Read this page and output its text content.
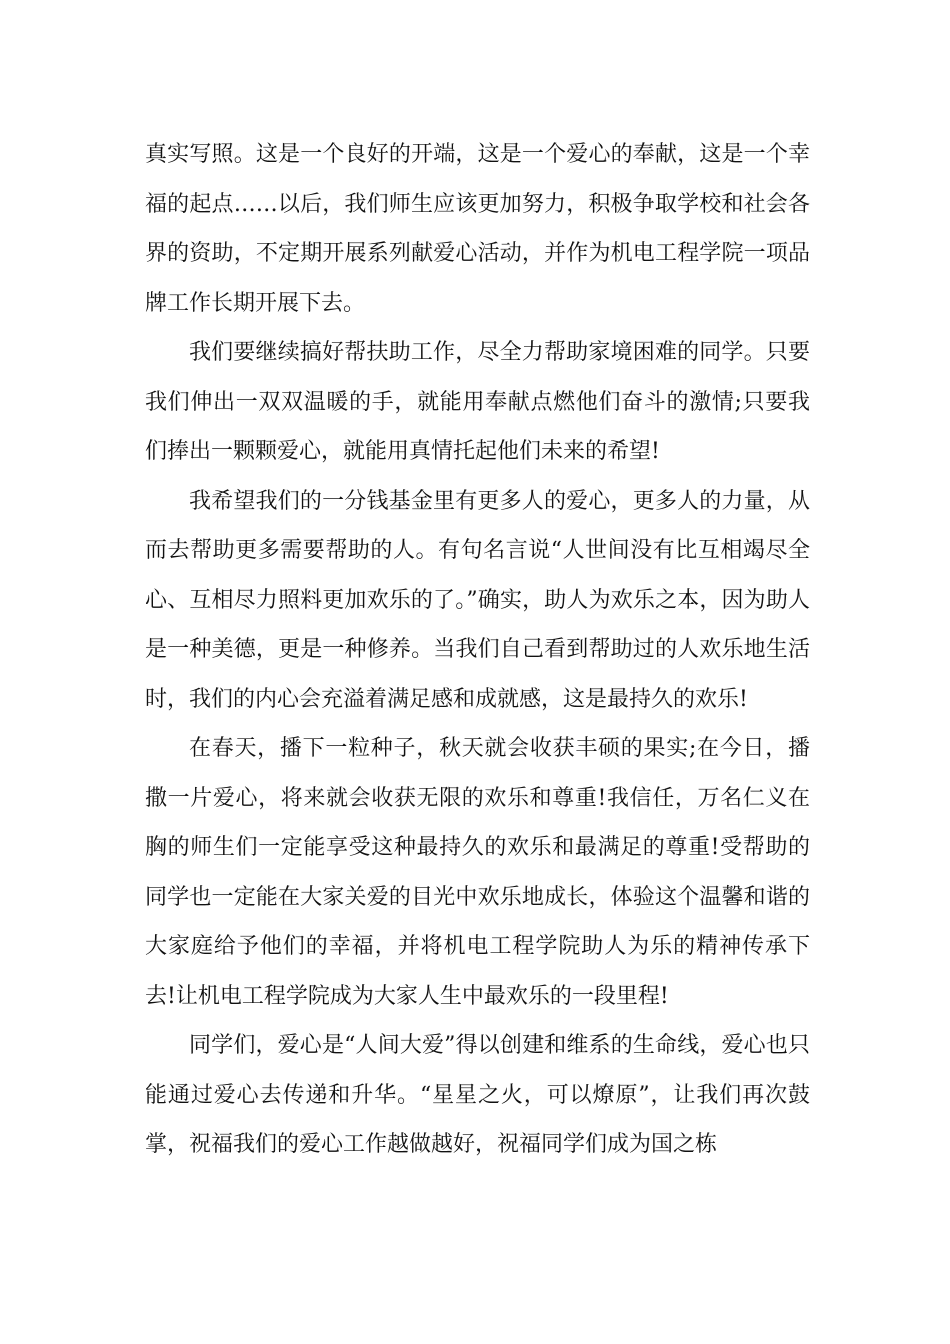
真实写照。这是一个良好的开端，这是一个爱心的奉献，这是一个幸福的起点……以后，我们师生应该更加努力，积极争取学校和社会各界的资助，不定期开展系列献爱心活动，并作为机电工程学院一项品牌工作长期开展下去。

我们要继续搞好帮扶助工作，尽全力帮助家境困难的同学。只要我们伸出一双双温暖的手，就能用奉献点燃他们奋斗的激情;只要我们捧出一颗颗爱心，就能用真情托起他们未来的希望!

我希望我们的一分钱基金里有更多人的爱心，更多人的力量，从而去帮助更多需要帮助的人。有句名言说“人世间没有比互相竭尽全心、互相尽力照料更加欢乐的了。”确实，助人为欢乐之本，因为助人是一种美德，更是一种修养。当我们自己看到帮助过的人欢乐地生活时，我们的内心会充溢着满足感和成就感，这是最持久的欢乐!

在春天，播下一粒种子，秋天就会收获丰硕的果实;在今日，播撒一片爱心，将来就会收获无限的欢乐和尊重!我信任，万名仁义在胸的师生们一定能享受这种最持久的欢乐和最满足的尊重!受帮助的同学也一定能在大家关爱的目光中欢乐地成长，体验这个温馨和谐的大家庭给予他们的幸福，并将机电工程学院助人为乐的精神传承下去!让机电工程学院成为大家人生中最欢乐的一段里程!

同学们，爱心是“人间大爱”得以创建和维系的生命线，爱心也只能通过爱心去传递和升华。“星星之火，可以燎原”，让我们再次鼓掌，祝福我们的爱心工作越做越好，祝福同学们成为国之栋
